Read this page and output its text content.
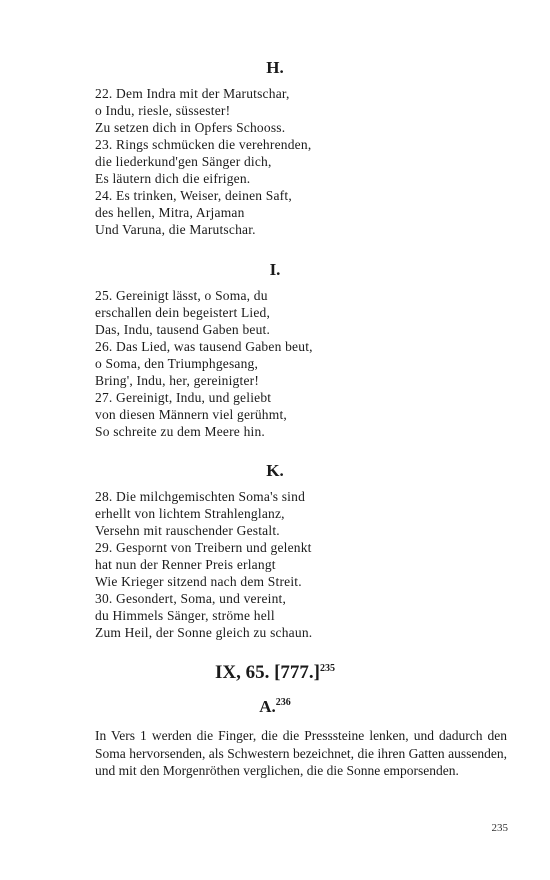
H.
22. Dem Indra mit der Marutschar,
o Indu, riesle, süssester!
Zu setzen dich in Opfers Schooss.
23. Rings schmücken die verehrenden,
die liederkund'gen Sänger dich,
Es läutern dich die eifrigen.
24. Es trinken, Weiser, deinen Saft,
des hellen, Mitra, Arjaman
Und Varuna, die Marutschar.
I.
25. Gereinigt lässt, o Soma, du
erschallen dein begeistert Lied,
Das, Indu, tausend Gaben beut.
26. Das Lied, was tausend Gaben beut,
o Soma, den Triumphgesang,
Bring', Indu, her, gereinigter!
27. Gereinigt, Indu, und geliebt
von diesen Männern viel gerühmt,
So schreite zu dem Meere hin.
K.
28. Die milchgemischten Soma's sind
erhellt von lichtem Strahlenglanz,
Versehn mit rauschender Gestalt.
29. Gespornt von Treibern und gelenkt
hat nun der Renner Preis erlangt
Wie Krieger sitzend nach dem Streit.
30. Gesondert, Soma, und vereint,
du Himmels Sänger, ströme hell
Zum Heil, der Sonne gleich zu schaun.
IX, 65. $[777.]^{235}$
A.$^{236}$
In Vers 1 werden die Finger, die die Presssteine lenken, und dadurch den Soma hervorsenden, als Schwestern bezeichnet, die ihren Gatten aussenden, und mit den Morgenröthen verglichen, die die Sonne emporsenden.
235
